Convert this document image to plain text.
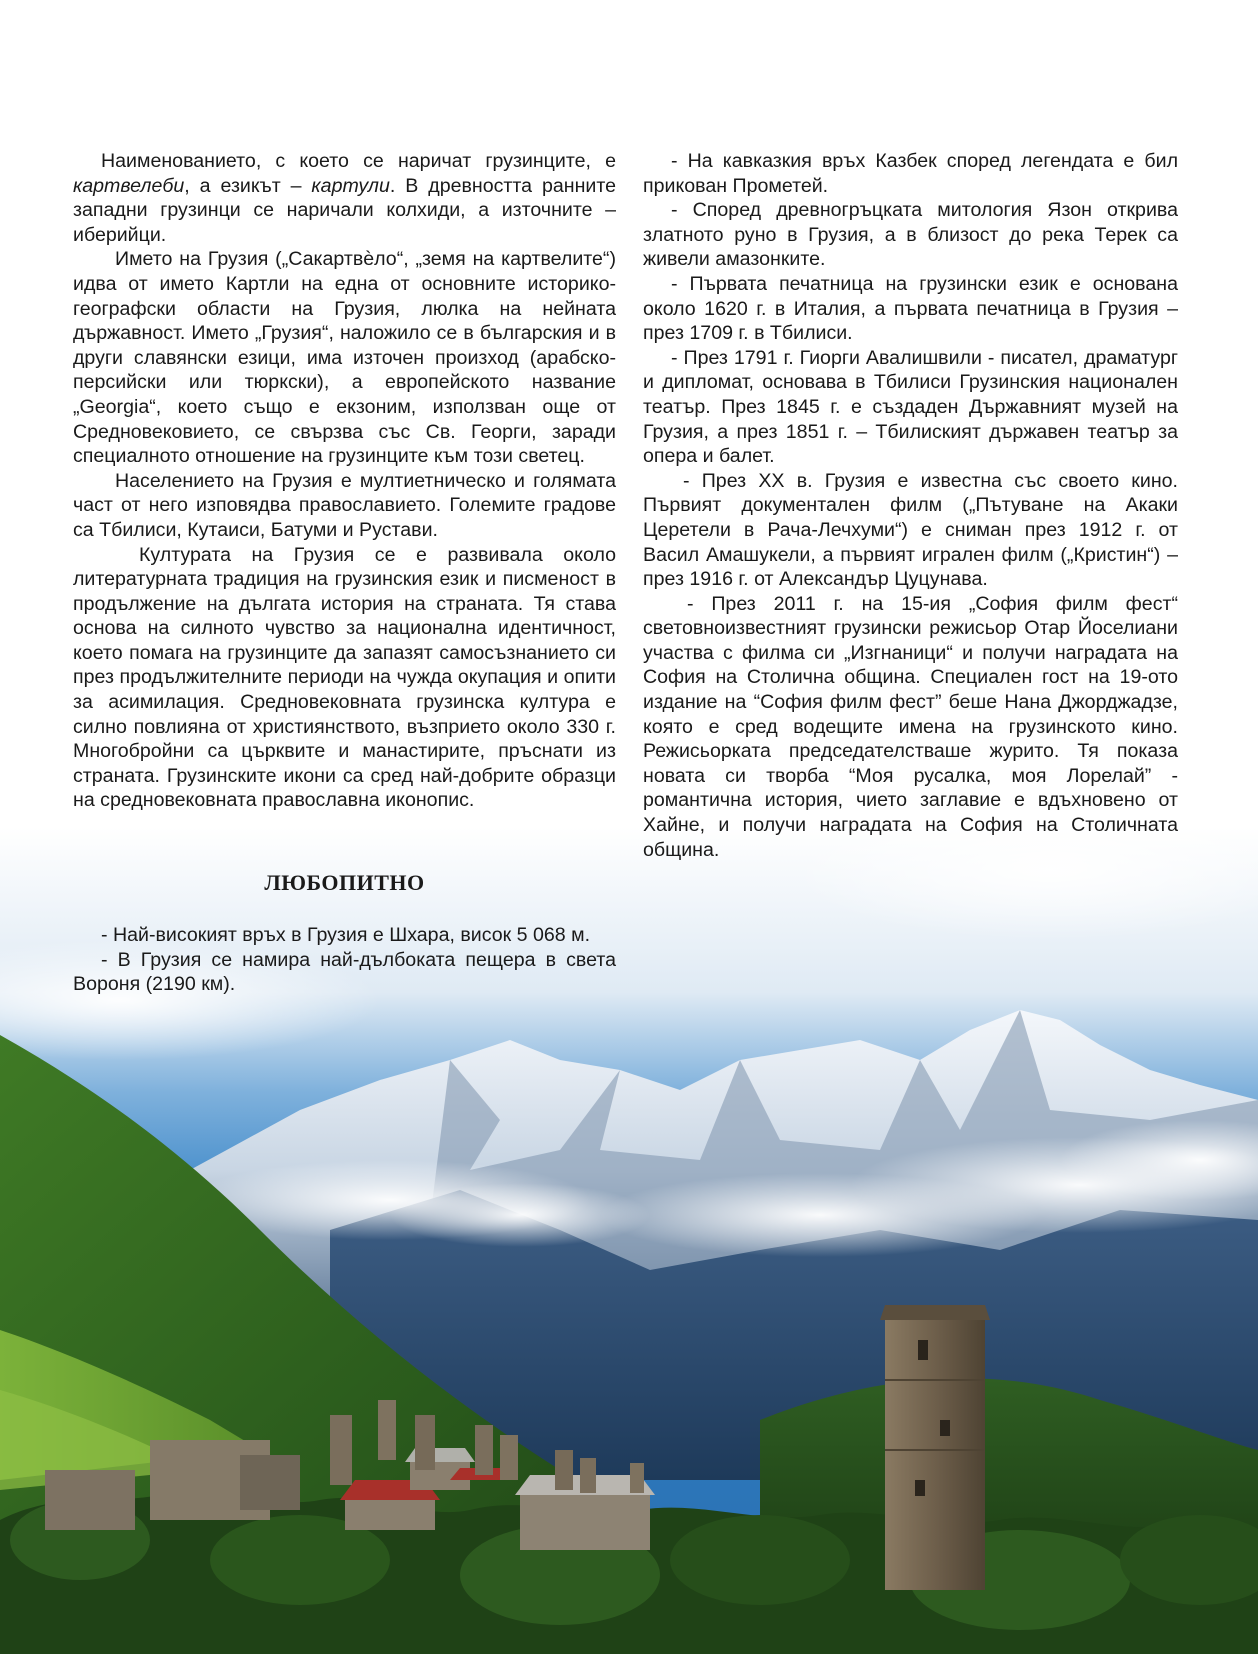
Наименованието, с което се наричат грузинците, е картвелеби, а езикът – картули. В древността ранните западни грузинци се наричали колхиди, а източните – иберийци.

Името на Грузия („Сакартвѐло“, „земя на картвелите“) идва от името Картли на една от основните историко-географски области на Грузия, люлка на нейната държавност. Името „Грузия“, наложило се в българския и в други славянски езици, има източен произход (арабско-персийски или тюркски), а европейското название „Georgia“, което също е екзоним, използван още от Средновековието, се свързва със Св. Георги, заради специалното отношение на грузинците към този светец.

Населението на Грузия е мултиетническо и голямата част от него изповядва православието. Големите градове са Тбилиси, Кутаиси, Батуми и Рустави.

Културата на Грузия се е развивала около литературната традиция на грузинския език и писменост в продължение на дългата история на страната. Тя става основа на силното чувство за национална идентичност, което помага на грузинците да запазят самосъзнанието си през продължителните периоди на чужда окупация и опити за асимилация. Средновековната грузинска култура е силно повлияна от християнството, възприето около 330 г. Многобройни са църквите и манастирите, пръснати из страната. Грузинските икони са сред най-добрите образци на средновековната православна иконопис.

ЛЮБОПИТНО

- Най-високият връх в Грузия е Шхара, висок 5 068 м.

- В Грузия се намира най-дълбоката пещера в света Вороня (2190 км).

- На кавказкия връх Казбек според легендата е бил прикован Прометей.

- Според древногръцката митология Язон открива златното руно в Грузия, а в близост до река Терек са живели амазонките.

- Първата печатница на грузински език е основана около 1620 г. в Италия, а първата печатница в Грузия – през 1709 г. в Тбилиси.

- През 1791 г. Гиорги Авалишвили - писател, драматург и дипломат, основава в Тбилиси Грузинския национален театър. През 1845 г. е създаден Държавният музей на Грузия, а през 1851 г. – Тбилиският държавен театър за опера и балет.

- През XX в. Грузия е известна със своето кино. Първият документален филм („Пътуване на Акаки Церетели в Рача-Лечхуми“) е сниман през 1912 г. от Васил Амашукели, а първият игрален филм („Кристин“) – през 1916 г. от Александър Цуцунава.

- През 2011 г. на 15-ия „София филм фест“ световноизвестният грузински режисьор Отар Йоселиани участва с филма си „Изгнаници“ и получи наградата на София на Столична община. Специален гост на 19-ото издание на “София филм фест” беше Нана Джорджадзе, която е сред водещите имена на грузинското кино. Режисьорката председателстваше журито. Тя показа новата си творба “Моя русалка, моя Лорелай” - романтична история, чието заглавие е вдъхновено от Хайне, и получи наградата на София на Столичната община.
